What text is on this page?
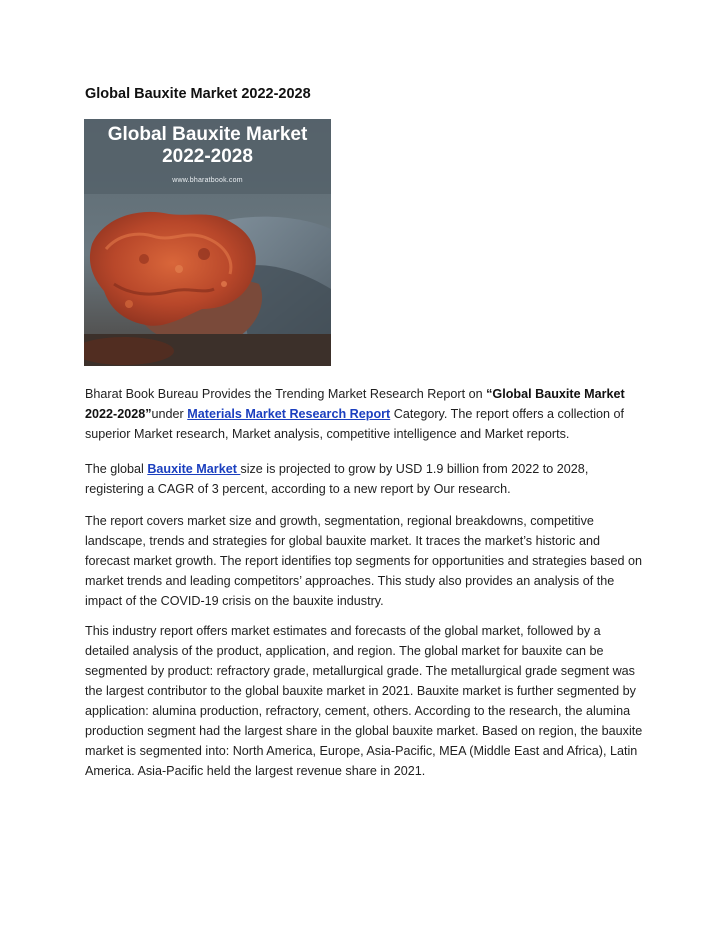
Global Bauxite Market 2022-2028
Global Bauxite Market
2022-2028
www.bharatbook.com
Bharat Book Bureau Provides the Trending Market Research Report on “Global Bauxite Market 2022-2028”under Materials Market Research Report Category. The report offers a collection of superior Market research, Market analysis, competitive intelligence and Market reports.
The global Bauxite Market size is projected to grow by USD 1.9 billion from 2022 to 2028, registering a CAGR of 3 percent, according to a new report by Our research.
The report covers market size and growth, segmentation, regional breakdowns, competitive landscape, trends and strategies for global bauxite market. It traces the market’s historic and forecast market growth. The report identifies top segments for opportunities and strategies based on market trends and leading competitors’ approaches. This study also provides an analysis of the impact of the COVID-19 crisis on the bauxite industry.
This industry report offers market estimates and forecasts of the global market, followed by a detailed analysis of the product, application, and region. The global market for bauxite can be segmented by product: refractory grade, metallurgical grade. The metallurgical grade segment was the largest contributor to the global bauxite market in 2021. Bauxite market is further segmented by application: alumina production, refractory, cement, others. According to the research, the alumina production segment had the largest share in the global bauxite market. Based on region, the bauxite market is segmented into: North America, Europe, Asia-Pacific, MEA (Middle East and Africa), Latin America. Asia-Pacific held the largest revenue share in 2021.
